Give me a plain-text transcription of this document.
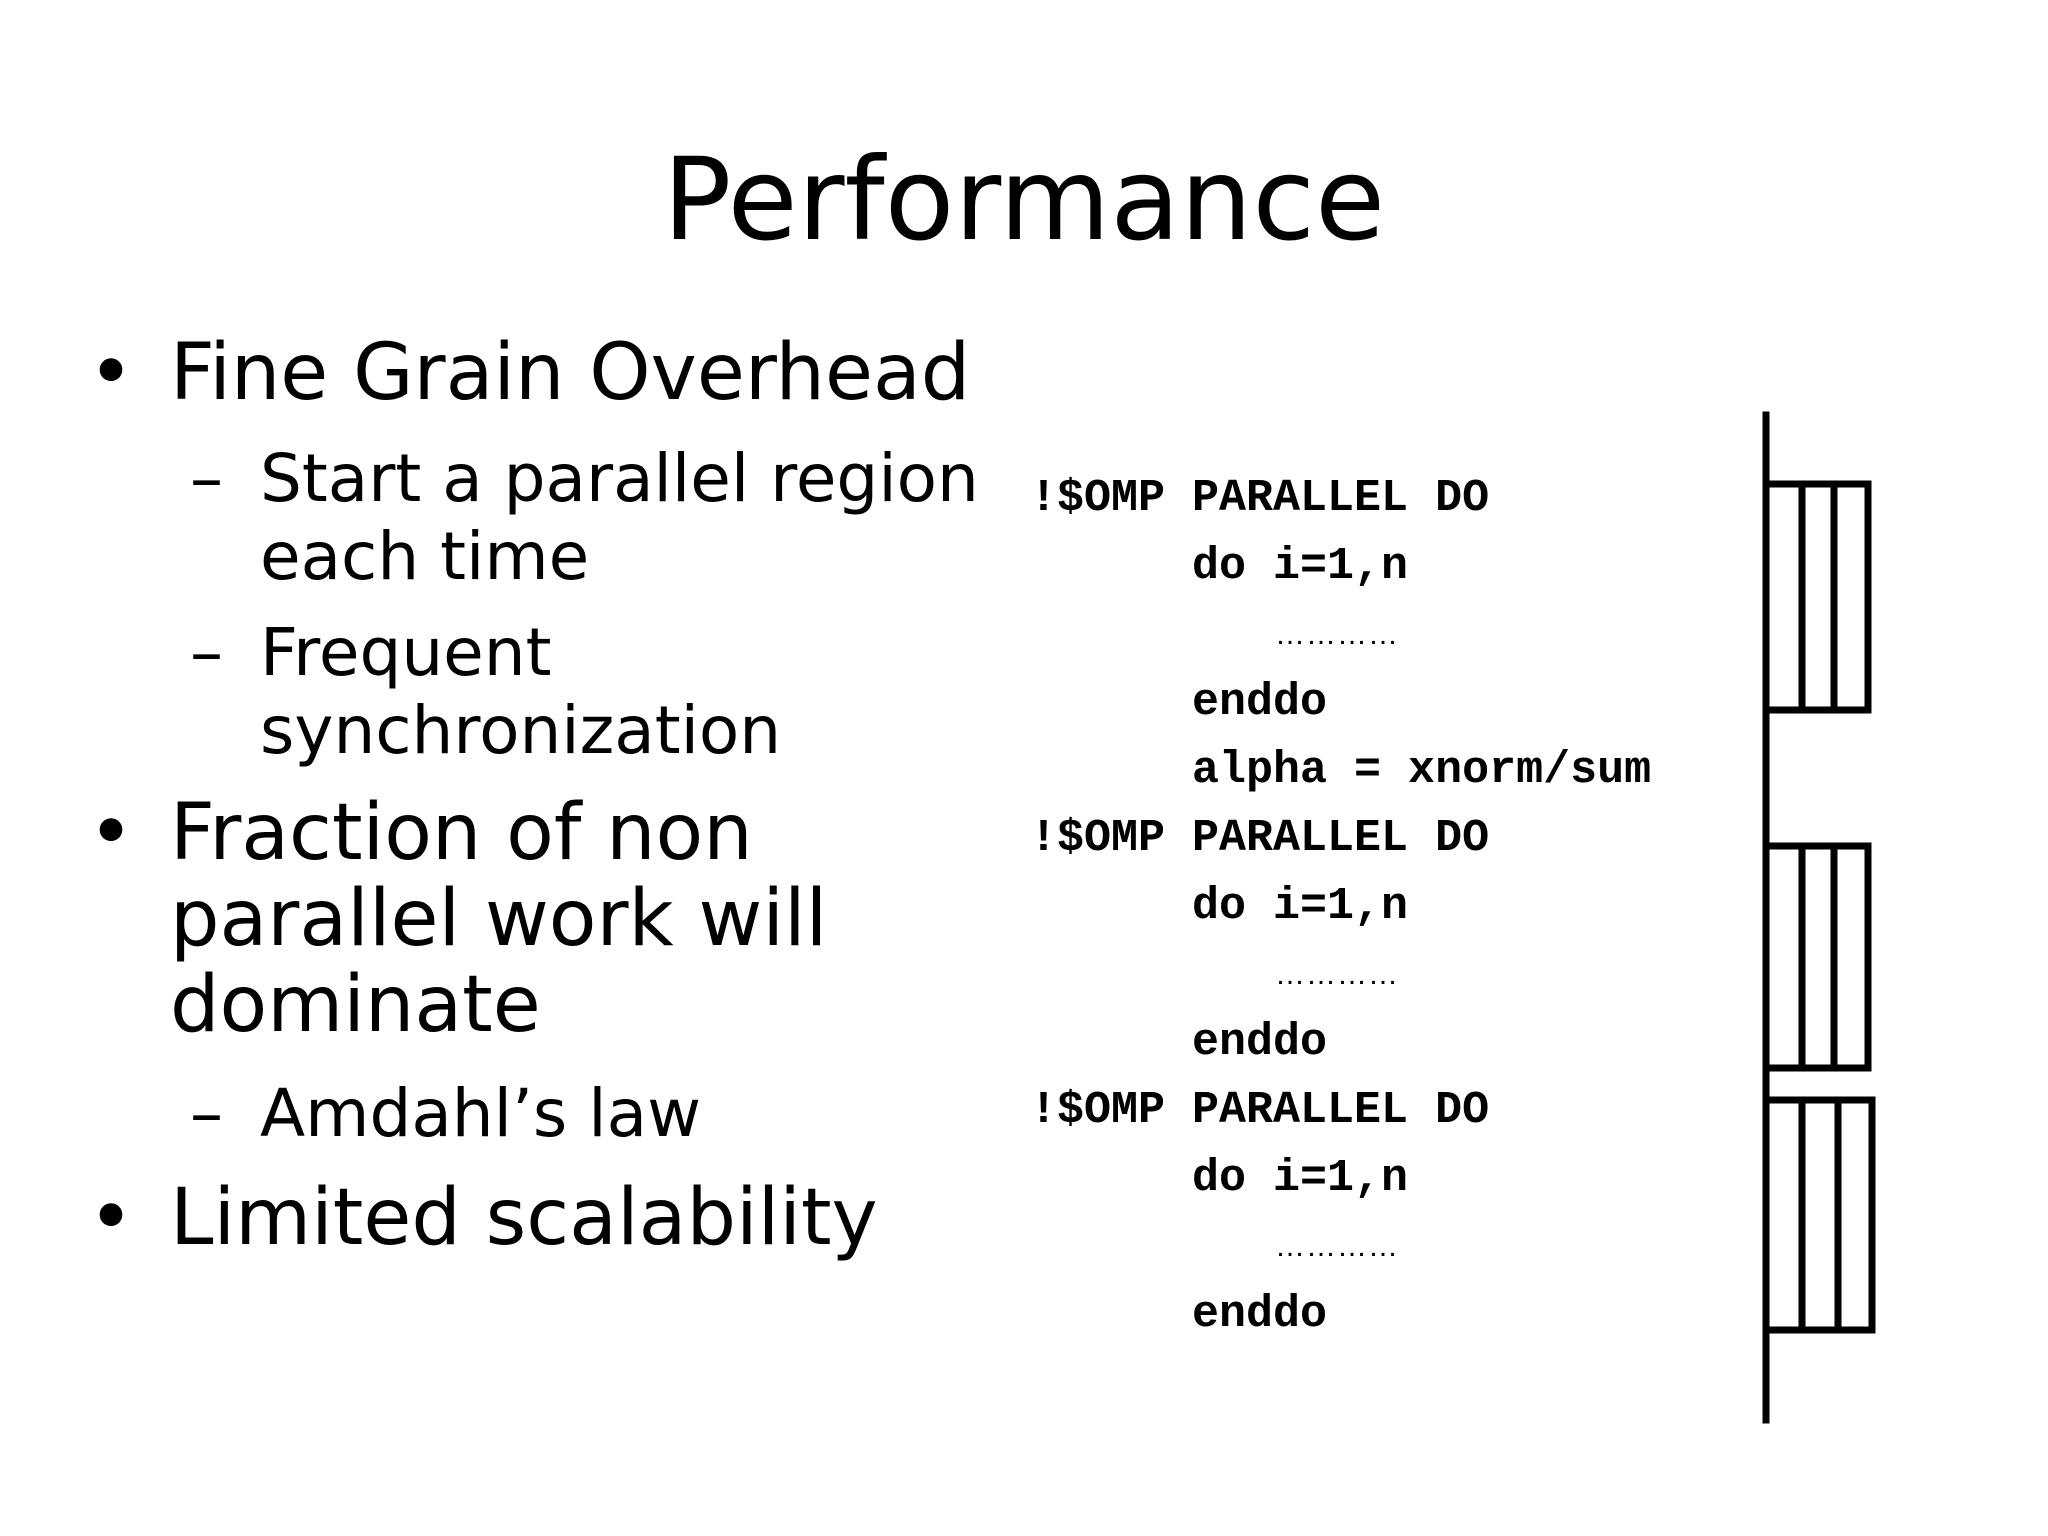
Performance
• Fine Grain Overhead
– Start a parallel region each time
– Frequent synchronization
• Fraction of non parallel work will dominate
– Amdahl’s law
• Limited scalability
!$OMP PARALLEL DO
do i=1,n
…………
enddo
alpha = xnorm/sum
!$OMP PARALLEL DO
do i=1,n
…………
enddo
!$OMP PARALLEL DO
do i=1,n
…………
enddo
